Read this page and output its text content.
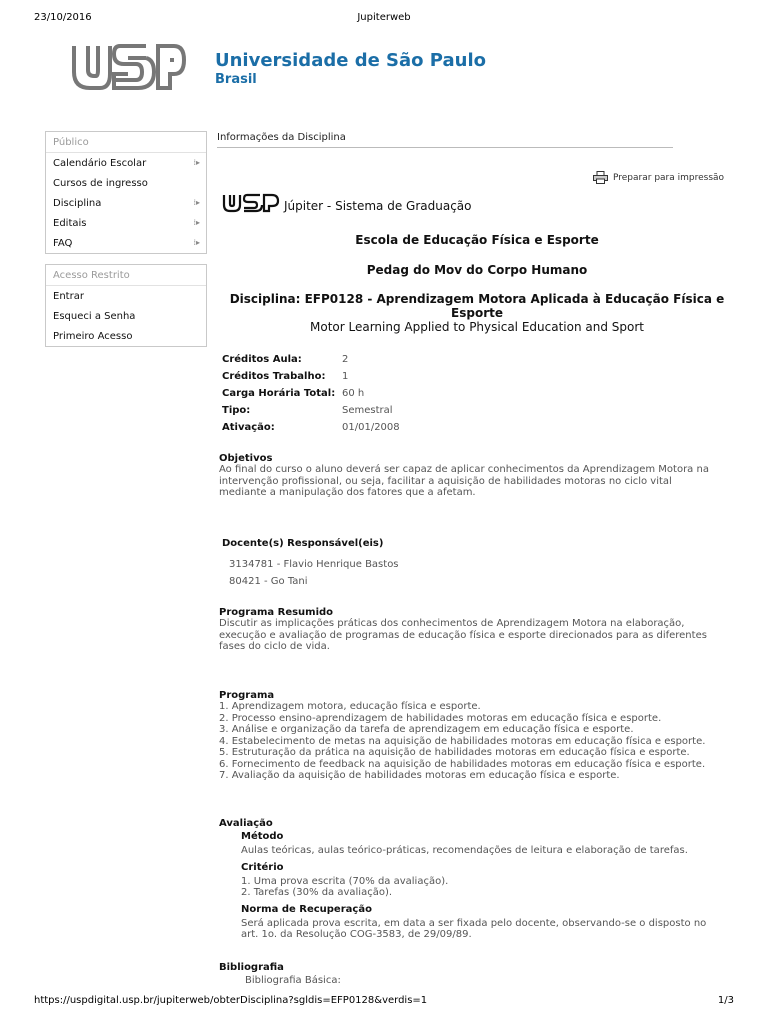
23/10/2016	Jupiterweb
Universidade de São Paulo
Brasil
Público
Calendário Escolar	⁞▸
Cursos de ingresso
Disciplina	⁞▸
Editais	⁞▸
FAQ	⁞▸
Acesso Restrito
Entrar
Esqueci a Senha
Primeiro Acesso
Informações da Disciplina
Preparar para impressão
Júpiter - Sistema de Graduação
Escola de Educação Física e Esporte
Pedag do Mov do Corpo Humano
Disciplina: EFP0128 - Aprendizagem Motora Aplicada à Educação Física e
Esporte
Motor Learning Applied to Physical Education and Sport
Créditos Aula:	2
Créditos Trabalho: 1
Carga Horária Total: 60 h
Tipo:	Semestral
Ativação:	01/01/2008
Objetivos
Ao final do curso o aluno deverá ser capaz de aplicar conhecimentos da Aprendizagem Motora na intervenção profissional, ou seja, facilitar a aquisição de habilidades motoras no ciclo vital mediante a manipulação dos fatores que a afetam.
Docente(s) Responsável(eis)
3134781 - Flavio Henrique Bastos
80421 - Go Tani
Programa Resumido
Discutir as implicações práticas dos conhecimentos de Aprendizagem Motora na elaboração, execução e avaliação de programas de educação física e esporte direcionados para as diferentes fases do ciclo de vida.
Programa
1. Aprendizagem motora, educação física e esporte.
2. Processo ensino-aprendizagem de habilidades motoras em educação física e esporte.
3. Análise e organização da tarefa de aprendizagem em educação física e esporte.
4. Estabelecimento de metas na aquisição de habilidades motoras em educação física e esporte.
5. Estruturação da prática na aquisição de habilidades motoras em educação física e esporte.
6. Fornecimento de feedback na aquisição de habilidades motoras em educação física e esporte.
7. Avaliação da aquisição de habilidades motoras em educação física e esporte.
Avaliação
Método
Aulas teóricas, aulas teórico-práticas, recomendações de leitura e elaboração de tarefas.
Critério
1. Uma prova escrita (70% da avaliação).
2. Tarefas (30% da avaliação).
Norma de Recuperação
Será aplicada prova escrita, em data a ser fixada pelo docente, observando-se o disposto no art. 1o. da Resolução COG-3583, de 29/09/89.
Bibliografia
Bibliografia Básica:
https://uspdigital.usp.br/jupiterweb/obterDisciplina?sgldis=EFP0128&verdis=1	1/3
